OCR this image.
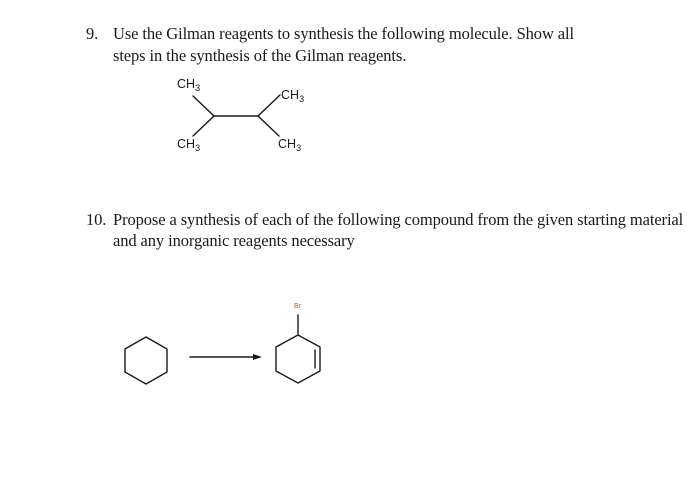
9. Use the Gilman reagents to synthesis the following molecule. Show all
steps in the synthesis of the Gilman reagents.
$CH_3$	$CH_3$
$CH_3$	$CH_3$
10. Propose a synthesis of each of the following compound from the given starting material
and any inorganic reagents necessary
Br
